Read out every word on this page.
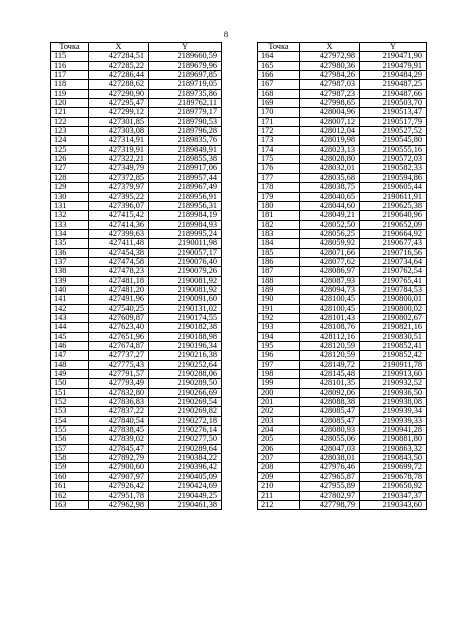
8
Точка	X	Y
115	427284,51	2189660,59
116	427285,22	2189679,96
117	427286,44	2189697,85
118	427288,62	2189719,05
119	427290,90	2189735,86
120	427295,47	2189762,11
121	427299,12	2189779,17
122	427301,85	2189790,53
123	427303,08	2189796,28
124	427314,91	2189835,76
125	427319,91	2189849,91
126	427322,21	2189855,38
127	427349,79	2189917,06
128	427372,85	2189957,44
129	427379,97	2189967,49
130	427395,22	2189956,91
131	427396,07	2189956,31
132	427415,42	2189984,19
133	427414,36	2189984,93
134	427399,63	2189995,24
135	427411,48	2190011,98
136	427454,38	2190057,17
137	427474,58	2190076,40
138	427478,23	2190079,26
139	427481,18	2190081,92
140	427481,20	2190081,92
141	427491,96	2190091,60
142	427540,25	2190131,02
143	427609,87	2190174,55
144	427623,40	2190182,38
145	427651,96	2190188,98
146	427674,87	2190196,34
147	427737,27	2190216,38
148	427775,43	2190252,64
149	427791,57	2190288,06
150	427793,49	2190289,50
151	427832,80	2190266,69
152	427836,83	2190269,54
153	427837,22	2190269,82
154	427840,54	2190272,18
155	427838,45	2190276,14
156	427839,02	2190277,50
157	427845,47	2190289,64
158	427892,79	2190384,22
159	427900,60	2190396,42
160	427907,97	2190405,09
161	427926,42	2190424,69
162	427951,78	2190449,25
163	427962,98	2190461,38
Точка	X	Y
164	427972,98	2190471,90
165	427980,36	2190479,91
166	427984,26	2190484,29
167	427987,03	2190487,25
168	427987,23	2190487,66
169	427998,65	2190503,70
170	428004,96	2190513,47
171	428007,12	2190517,79
172	428012,04	2190527,52
173	428019,98	2190545,80
174	428023,13	2190555,16
175	428028,80	2190572,03
176	428032,01	2190582,33
177	428035,68	2190594,86
178	428038,75	2190605,44
179	428040,65	2190611,91
180	428044,60	2190625,38
181	428049,21	2190640,96
182	428052,50	2190652,09
183	428056,25	2190664,92
184	428059,92	2190677,43
185	428071,66	2190716,56
186	428077,62	2190734,64
187	428086,97	2190762,54
188	428087,93	2190765,41
189	428094,73	2190784,53
190	428100,45	2190800,01
191	428100,45	2190800,02
192	428101,43	2190802,67
193	428108,76	2190821,16
194	428112,16	2190830,51
195	428120,59	2190852,41
196	428120,59	2190852,42
197	428149,72	2190911,78
198	428145,48	2190913,60
199	428101,35	2190932,52
200	428092,06	2190936,50
201	428088,38	2190938,08
202	428085,47	2190939,34
203	428085,47	2190939,33
204	428080,93	2190941,28
205	428055,06	2190881,80
206	428047,03	2190863,32
207	428038,01	2190843,50
208	427976,46	2190699,72
209	427965,87	2190678,78
210	427955,89	2190650,92
211	427802,97	2190347,37
212	427798,79	2190343,60
